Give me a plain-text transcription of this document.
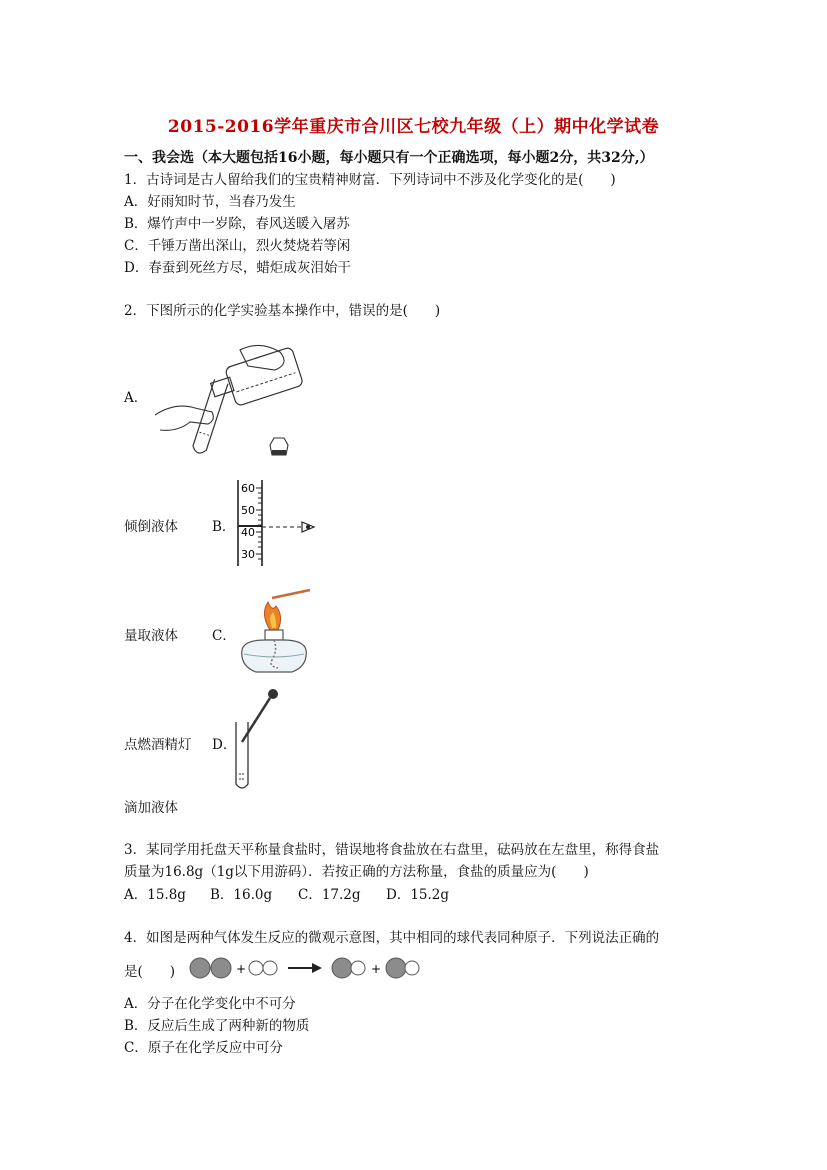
2015-2016学年重庆市合川区七校九年级（上）期中化学试卷
一、我会选（本大题包括16小题，每小题只有一个正确选项，每小题2分，共32分,）
1．古诗词是古人留给我们的宝贵精神财富．下列诗词中不涉及化学变化的是(　　)
A．好雨知时节，当春乃发生
B．爆竹声中一岁除，春风送暖入屠苏
C．千锤万凿出深山，烈火焚烧若等闲
D．春蚕到死丝方尽，蜡炬成灰泪始干
2．下图所示的化学实验基本操作中，错误的是(　　)
A．
倾倒液体	B．
60
50
40
30
量取液体	C．
点燃酒精灯 D．
滴加液体
3．某同学用托盘天平称量食盐时，错误地将食盐放在右盘里，砝码放在左盘里，称得食盐
质量为16.8g（1g以下用游码）．若按正确的方法称量，食盐的质量应为(　　)
A．15.8g B．16.0g C．17.2g D．15.2g
4．如图是两种气体发生反应的微观示意图，其中相同的球代表同种原子．下列说法正确的
是(　　)	+	+
A．分子在化学变化中不可分
B．反应后生成了两种新的物质
C．原子在化学反应中可分
